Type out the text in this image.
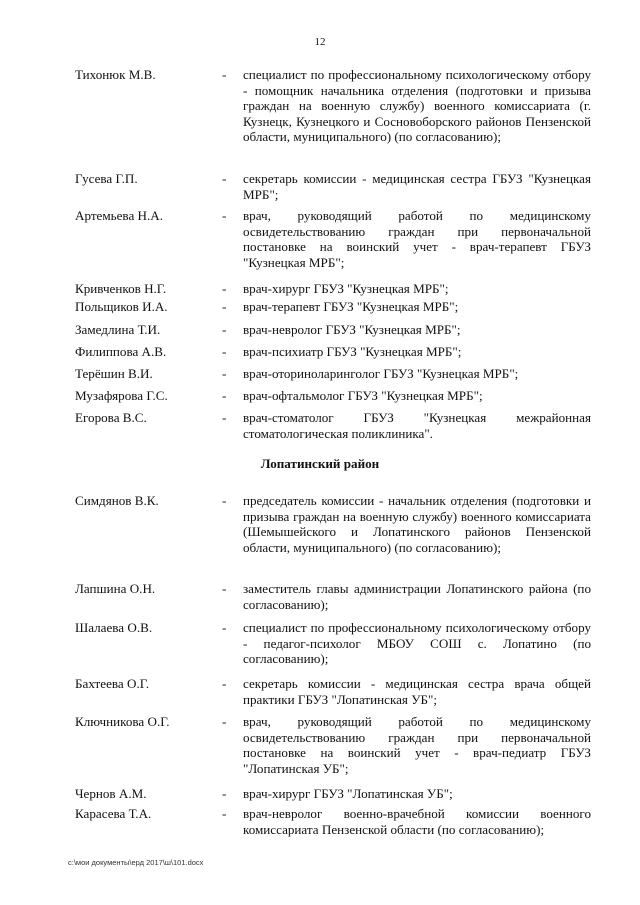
12
Тихонюк М.В.	- специалист по профессиональному психологическому отбору - помощник начальника отделения (подготовки и призыва граждан на военную службу) военного комиссариата (г. Кузнецк, Кузнецкого и Сосновоборского районов Пензенской области, муниципального) (по согласованию);
Гусева Г.П.	- секретарь комиссии - медицинская сестра ГБУЗ "Кузнецкая МРБ";
Артемьева Н.А.	- врач, руководящий работой по медицинскому освидетельствованию граждан при первоначальной постановке на воинский учет - врач-терапевт ГБУЗ "Кузнецкая МРБ";
Кривченков Н.Г.	- врач-хирург ГБУЗ "Кузнецкая МРБ";
Польщиков И.А.	- врач-терапевт ГБУЗ "Кузнецкая МРБ";
Замедлина Т.И.	- врач-невролог ГБУЗ "Кузнецкая МРБ";
Филиппова А.В.	- врач-психиатр ГБУЗ "Кузнецкая МРБ";
Терёшин В.И.	- врач-оториноларинголог ГБУЗ "Кузнецкая МРБ";
Музафярова Г.С.	- врач-офтальмолог ГБУЗ "Кузнецкая МРБ";
Егорова В.С.	- врач-стоматолог ГБУЗ "Кузнецкая межрайонная стоматологическая поликлиника".
Лопатинский район
Симдянов В.К.	- председатель комиссии - начальник отделения (подготовки и призыва граждан на военную службу) военного комиссариата (Шемышейского и Лопатинского районов Пензенской области, муниципального) (по согласованию);
Лапшина О.Н.	- заместитель главы администрации Лопатинского района (по согласованию);
Шалаева О.В.	- специалист по профессиональному психологическому отбору - педагог-психолог МБОУ СОШ с. Лопатино (по согласованию);
Бахтеева О.Г.	- секретарь комиссии - медицинская сестра врача общей практики ГБУЗ "Лопатинская УБ";
Ключникова О.Г.	- врач, руководящий работой по медицинскому освидетельствованию граждан при первоначальной постановке на воинский учет - врач-педиатр ГБУЗ "Лопатинская УБ";
Чернов А.М.	- врач-хирург ГБУЗ "Лопатинская УБ";
Карасева Т.А.	- врач-невролог военно-врачебной комиссии военного комиссариата Пензенской области (по согласованию);
c:\мои документы\ерд 2017\ш\101.docx
